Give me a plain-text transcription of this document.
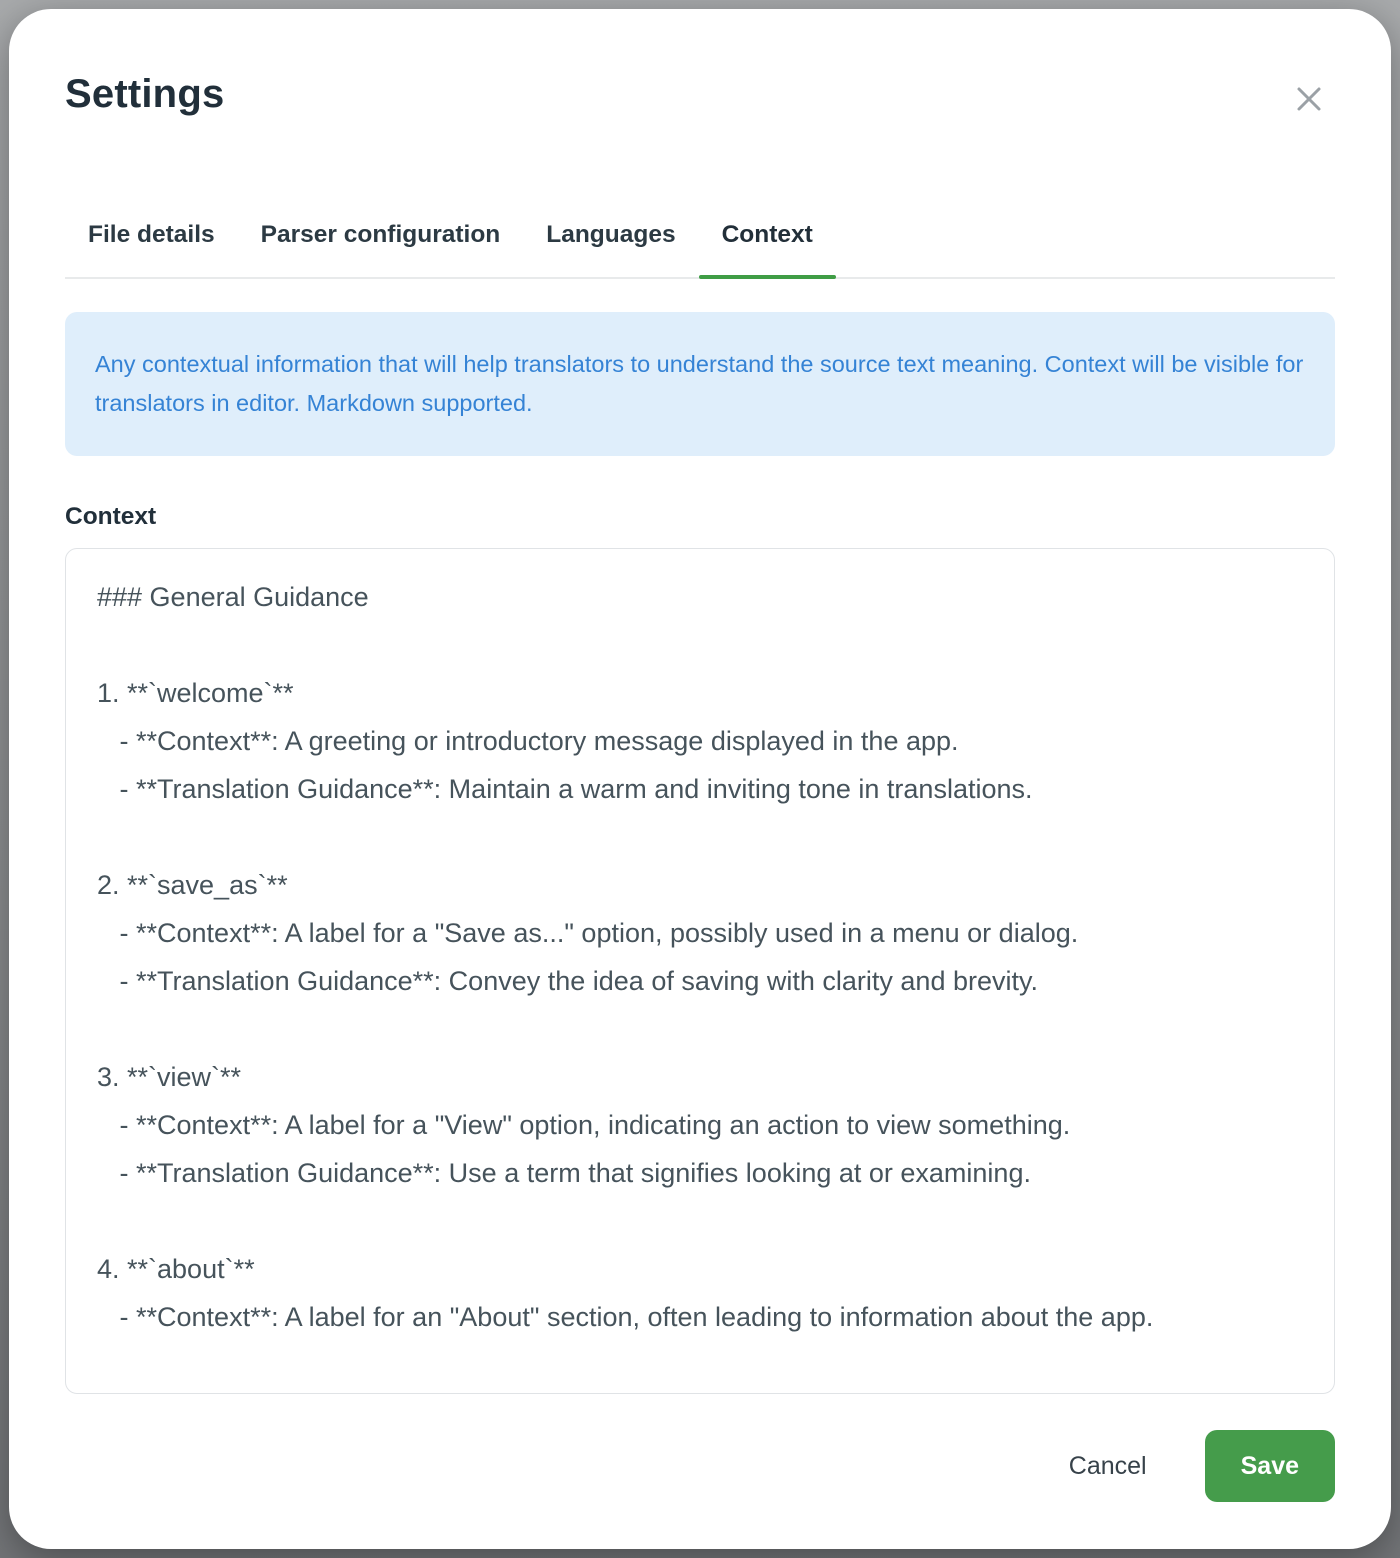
Settings
File details	Parser configuration	Languages	Context
Any contextual information that will help translators to understand the source text meaning. Context will be visible for translators in editor. Markdown supported.
Context
### General Guidance 1. **`welcome`** - **Context**: A greeting or introductory message displayed in the app. - **Translation Guidance**: Maintain a warm and inviting tone in translations. 2. **`save_as`** - **Context**: A label for a "Save as..." option, possibly used in a menu or dialog. - **Translation Guidance**: Convey the idea of saving with clarity and brevity. 3. **`view`** - **Context**: A label for a "View" option, indicating an action to view something. - **Translation Guidance**: Use a term that signifies looking at or examining. 4. **`about`** - **Context**: A label for an "About" section, often leading to information about the app.
Cancel	Save
